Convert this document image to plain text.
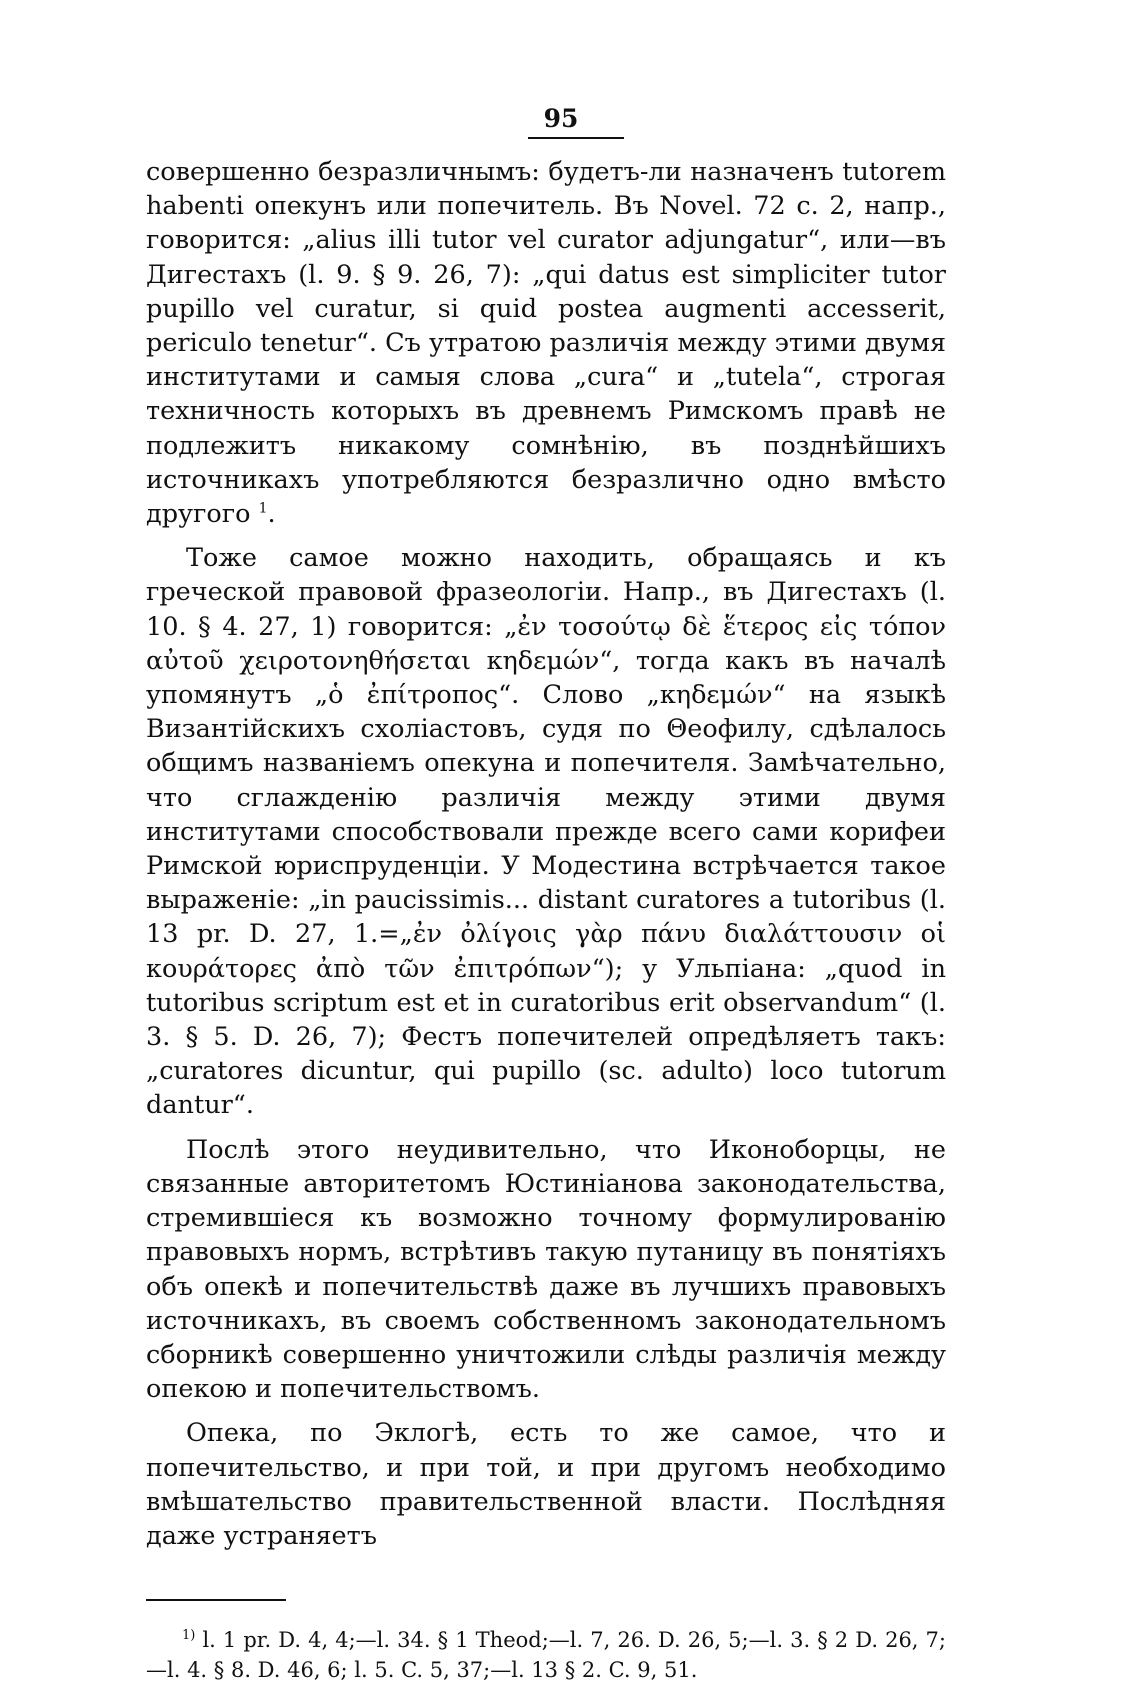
95

совершенно безразличнымъ: будетъ-ли назначенъ tutorem habenti опекунъ или попечитель. Въ Novel. 72 с. 2, напр., говорится: „alius illi tutor vel curator adjungatur“, или—въ Дигестахъ (l. 9. § 9. 26, 7): „qui datus est simpliciter tutor pupillo vel curatur, si quid postea augmenti accesserit, periculo tenetur“. Съ утратою различія между этими двумя институтами и самыя слова „cura“ и „tutela“, строгая техничность которыхъ въ древнемъ Римскомъ правѣ не подлежитъ никакому сомнѣнію, въ позднѣйшихъ источникахъ употребляются безразлично одно вмѣсто другого $^1$.

Тоже самое можно находить, обращаясь и къ греческой правовой фразеологіи. Напр., въ Дигестахъ (l. 10. § 4. 27, 1) говорится: „ἐν τοσούτῳ δὲ ἕτερος εἰς τόπον αὐτοῦ χειροτονηθήσεται κηδεμών“, тогда какъ въ началѣ упомянутъ „ὁ ἐπίτροπος“. Слово „κηδεμών“ на языкѣ Византійскихъ схоліастовъ, судя по Θеофилу, сдѣлалось общимъ названіемъ опекуна и попечителя. Замѣчательно, что сглажденію различія между этими двумя институтами способствовали прежде всего сами корифеи Римской юриспруденціи. У Модестина встрѣчается такое выраженіе: „in paucissimis... distant curatores a tutoribus (l. 13 pr. D. 27, 1.=„ἐν ὀλίγοις γὰρ πάνυ διαλάττουσιν οἱ κουράτορες ἀπὸ τῶν ἐπιτρόπων“); у Ульпіана: „quod in tutoribus scriptum est et in curatoribus erit observandum“ (l. 3. § 5. D. 26, 7); Фестъ попечителей опредѣляетъ такъ: „curatores dicuntur, qui pupillo (sc. adulto) loco tutorum dantur“.

Послѣ этого неудивительно, что Иконоборцы, не связанные авторитетомъ Юстиніанова законодательства, стремившіеся къ возможно точному формулированію правовыхъ нормъ, встрѣтивъ такую путаницу въ понятіяхъ объ опекѣ и попечительствѣ даже въ лучшихъ правовыхъ источникахъ, въ своемъ собственномъ законодательномъ сборникѣ совершенно уничтожили слѣды различія между опекою и попечительствомъ.

Опека, по Эклогѣ, есть то же самое, что и попечительство, и при той, и при другомъ необходимо вмѣшательство правительственной власти. Послѣдняя даже устраняетъ

$^{1)}$ l. 1 pr. D. 4, 4;—l. 34. § 1 Theod;—l. 7, 26. D. 26, 5;—l. 3. § 2 D. 26, 7;—l. 4. § 8. D. 46, 6; l. 5. C. 5, 37;—l. 13 § 2. C. 9, 51.
